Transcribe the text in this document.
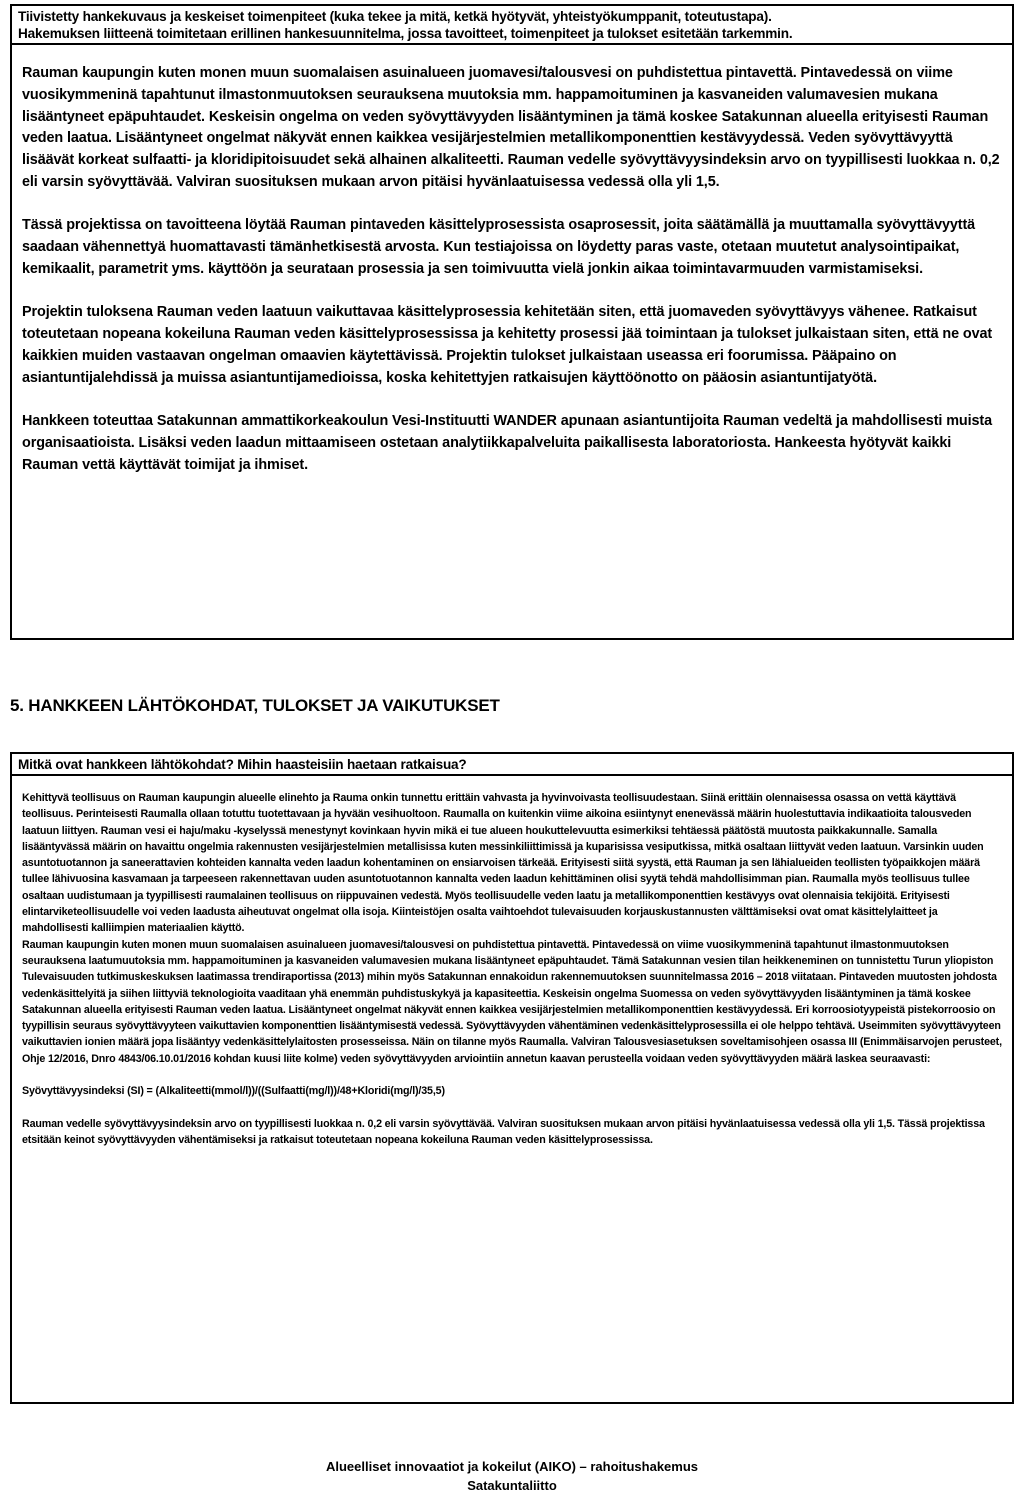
Tiivistetty hankekuvaus ja keskeiset toimenpiteet (kuka tekee ja mitä, ketkä hyötyvät, yhteistyökumppanit, toteutustapa).
Hakemuksen liitteenä toimitetaan erillinen hankesuunnitelma, jossa tavoitteet, toimenpiteet ja tulokset esitetään tarkemmin.

Rauman kaupungin kuten monen muun suomalaisen asuinalueen juomavesi/talousvesi on puhdistettua pintavettä. Pintavedessä on viime vuosikymmeninä tapahtunut ilmastonmuutoksen seurauksena muutoksia mm. happamoituminen ja kasvaneiden valumavesien mukana lisääntyneet epäpuhtaudet. Keskeisin ongelma on veden syövyttävyyden lisääntyminen ja tämä koskee Satakunnan alueella erityisesti Rauman veden laatua. Lisääntyneet ongelmat näkyvät ennen kaikkea vesijärjestelmien metallikomponenttien kestävyydessä. Veden syövyttävyyttä lisäävät korkeat sulfaatti- ja kloridipitoisuudet sekä alhainen alkaliteetti. Rauman vedelle syövyttävyysindeksin arvo on tyypillisesti luokkaa n. 0,2 eli varsin syövyttävää. Valviran suosituksen mukaan arvon pitäisi hyvänlaatuisessa vedessä olla yli 1,5.

Tässä projektissa on tavoitteena löytää Rauman pintaveden käsittelyprosessista osaprosessit, joita säätämällä ja muuttamalla syövyttävyyttä saadaan vähennettyä huomattavasti tämänhetkisestä arvosta. Kun testiajoissa on löydetty paras vaste, otetaan muutetut analysointipaikat, kemikaalit, parametrit yms. käyttöön ja seurataan prosessia ja sen toimivuutta vielä jonkin aikaa toimintavarmuuden varmistamiseksi.

Projektin tuloksena Rauman veden laatuun vaikuttavaa käsittelyprosessia kehitetään siten, että juomaveden syövyttävyys vähenee. Ratkaisut toteutetaan nopeana kokeiluna Rauman veden käsittelyprosessissa ja kehitetty prosessi jää toimintaan ja tulokset julkaistaan siten, että ne ovat kaikkien muiden vastaavan ongelman omaavien käytettävissä. Projektin tulokset julkaistaan useassa eri foorumissa. Pääpaino on asiantuntijalehdissä ja muissa asiantuntijamedioissa, koska kehitettyjen ratkaisujen käyttöönotto on pääosin asiantuntijatyötä.

Hankkeen toteuttaa Satakunnan ammattikorkeakoulun Vesi-Instituutti WANDER apunaan asiantuntijoita Rauman vedeltä ja mahdollisesti muista organisaatioista. Lisäksi veden laadun mittaamiseen ostetaan analytiikkapalveluita paikallisesta laboratoriosta. Hankeesta hyötyvät kaikki Rauman vettä käyttävät toimijat ja ihmiset.

5. HANKKEEN LÄHTÖKOHDAT, TULOKSET JA VAIKUTUKSET
Mitkä ovat hankkeen lähtökohdat? Mihin haasteisiin haetaan ratkaisua?

Kehittyvä teollisuus on Rauman kaupungin alueelle elinehto ja Rauma onkin tunnettu erittäin vahvasta ja hyvinvoivasta teollisuudestaan. Siinä erittäin olennaisessa osassa on vettä käyttävä teollisuus. Perinteisesti Raumalla ollaan totuttu tuotettavaan ja hyvään vesihuoltoon. Raumalla on kuitenkin viime aikoina esiintynyt enenevässä määrin huolestuttavia indikaatioita talousveden laatuun liittyen. Rauman vesi ei haju/maku -kyselyssä menestynyt kovinkaan hyvin mikä ei tue alueen houkuttelevuutta esimerkiksi tehtäessä päätöstä muutosta paikkakunnalle. Samalla lisääntyvässä määrin on havaittu ongelmia rakennusten vesijärjestelmien metallisissa kuten messinkiliittimissä ja kuparisissa vesiputkissa, mitkä osaltaan liittyvät veden laatuun. Varsinkin uuden asuntotuotannon ja saneerattavien kohteiden kannalta veden laadun kohentaminen on ensiarvoisen tärkeää. Erityisesti siitä syystä, että Rauman ja sen lähialueiden teollisten työpaikkojen määrä tullee lähivuosina kasvamaan ja tarpeeseen rakennettavan uuden asuntotuotannon kannalta veden laadun kehittäminen olisi syytä tehdä mahdollisimman pian. Raumalla myös teollisuus tullee osaltaan uudistumaan ja tyypillisesti raumalainen teollisuus on riippuvainen vedestä. Myös teollisuudelle veden laatu ja metallikomponenttien kestävyys ovat olennaisia tekijöitä. Erityisesti elintarviketeollisuudelle voi veden laadusta aiheutuvat ongelmat olla isoja. Kiinteistöjen osalta vaihtoehdot tulevaisuuden korjauskustannusten välttämiseksi ovat omat käsittelylaitteet ja mahdollisesti kalliimpien materiaalien käyttö.

Rauman kaupungin kuten monen muun suomalaisen asuinalueen juomavesi/talousvesi on puhdistettua pintavettä. Pintavedessä on viime vuosikymmeninä tapahtunut ilmastonmuutoksen seurauksena laatumuutoksia mm. happamoituminen ja kasvaneiden valumavesien mukana lisääntyneet epäpuhtaudet. Tämä Satakunnan vesien tilan heikkeneminen on tunnistettu Turun yliopiston Tulevaisuuden tutkimuskeskuksen laatimassa trendiraportissa (2013) mihin myös Satakunnan ennakoidun rakennemuutoksen suunnitelmassa 2016 – 2018 viitataan. Pintaveden muutosten johdosta vedenkäsittelyitä ja siihen liittyviä teknologioita vaaditaan yhä enemmän puhdistuskykyä ja kapasiteettia. Keskeisin ongelma Suomessa on veden syövyttävyyden lisääntyminen ja tämä koskee Satakunnan alueella erityisesti Rauman veden laatua. Lisääntyneet ongelmat näkyvät ennen kaikkea vesijärjestelmien metallikomponenttien kestävyydessä. Eri korroosiotyypeistä pistekorroosio on tyypillisin seuraus syövyttävyyteen vaikuttavien komponenttien lisääntymisestä vedessä. Syövyttävyyden vähentäminen vedenkäsittelyprosessilla ei ole helppo tehtävä. Useimmiten syövyttävyyteen vaikuttavien ionien määrä jopa lisääntyy vedenkäsittelylaitosten prosesseissa. Näin on tilanne myös Raumalla. Valviran Talousvesiasetuksen soveltamisohjeen osassa III (Enimmäisarvojen perusteet, Ohje 12/2016, Dnro 4843/06.10.01/2016 kohdan kuusi liite kolme) veden syövyttävyyden arviointiin annetun kaavan perusteella voidaan veden syövyttävyyden määrä laskea seuraavasti:

Syövyttävyysindeksi (SI) = (Alkaliteetti(mmol/l))/((Sulfaatti(mg/l))/48+Kloridi(mg/l)/35,5)

Rauman vedelle syövyttävyysindeksin arvo on tyypillisesti luokkaa n. 0,2 eli varsin syövyttävää. Valviran suosituksen mukaan arvon pitäisi hyvänlaatuisessa vedessä olla yli 1,5. Tässä projektissa etsitään keinot syövyttävyyden vähentämiseksi ja ratkaisut toteutetaan nopeana kokeiluna Rauman veden käsittelyprosessissa.

Alueelliset innovaatiot ja kokeilut (AIKO) – rahoitushakemus
Satakuntaliitto
